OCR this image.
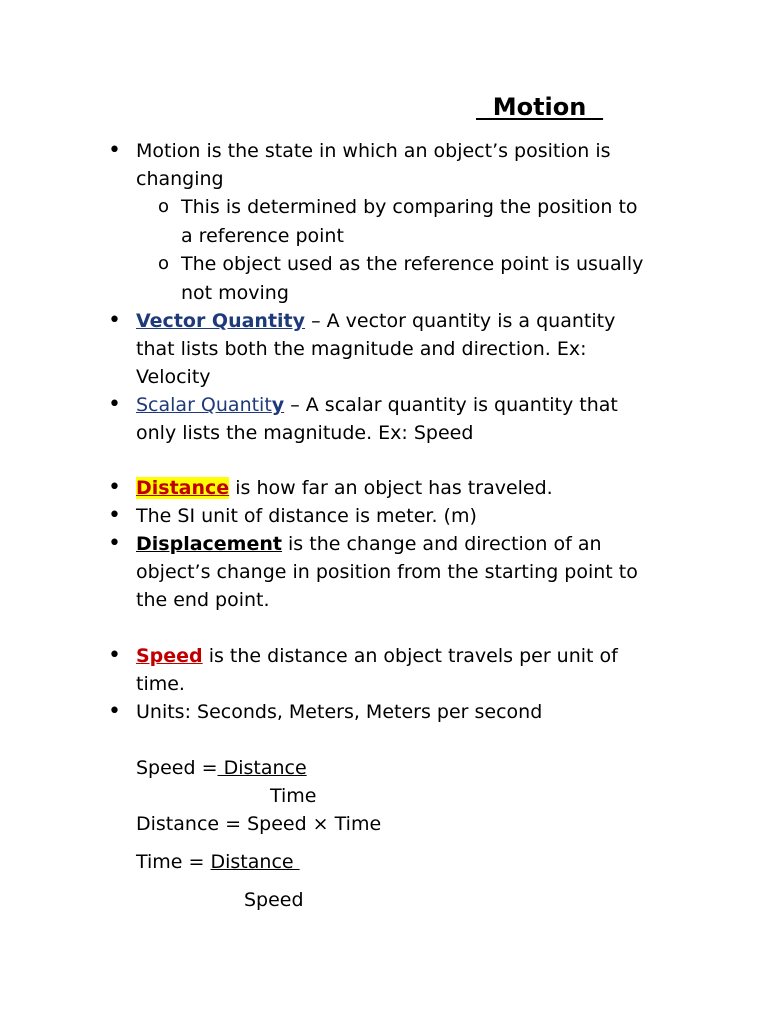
Motion
• Motion is the state in which an object’s position is
changing
o This is determined by comparing the position to
a reference point
o The object used as the reference point is usually
not moving
• Vector Quantity – A vector quantity is a quantity
that lists both the magnitude and direction. Ex:
Velocity
• Scalar Quantity – A scalar quantity is quantity that
only lists the magnitude. Ex: Speed
• Distance is how far an object has traveled.
• The SI unit of distance is meter. (m)
• Displacement is the change and direction of an
object’s change in position from the starting point to
the end point.
• Speed is the distance an object travels per unit of
time.
• Units: Seconds, Meters, Meters per second
Speed = Distance
Time
Distance = Speed × Time
Time = Distance
Speed
